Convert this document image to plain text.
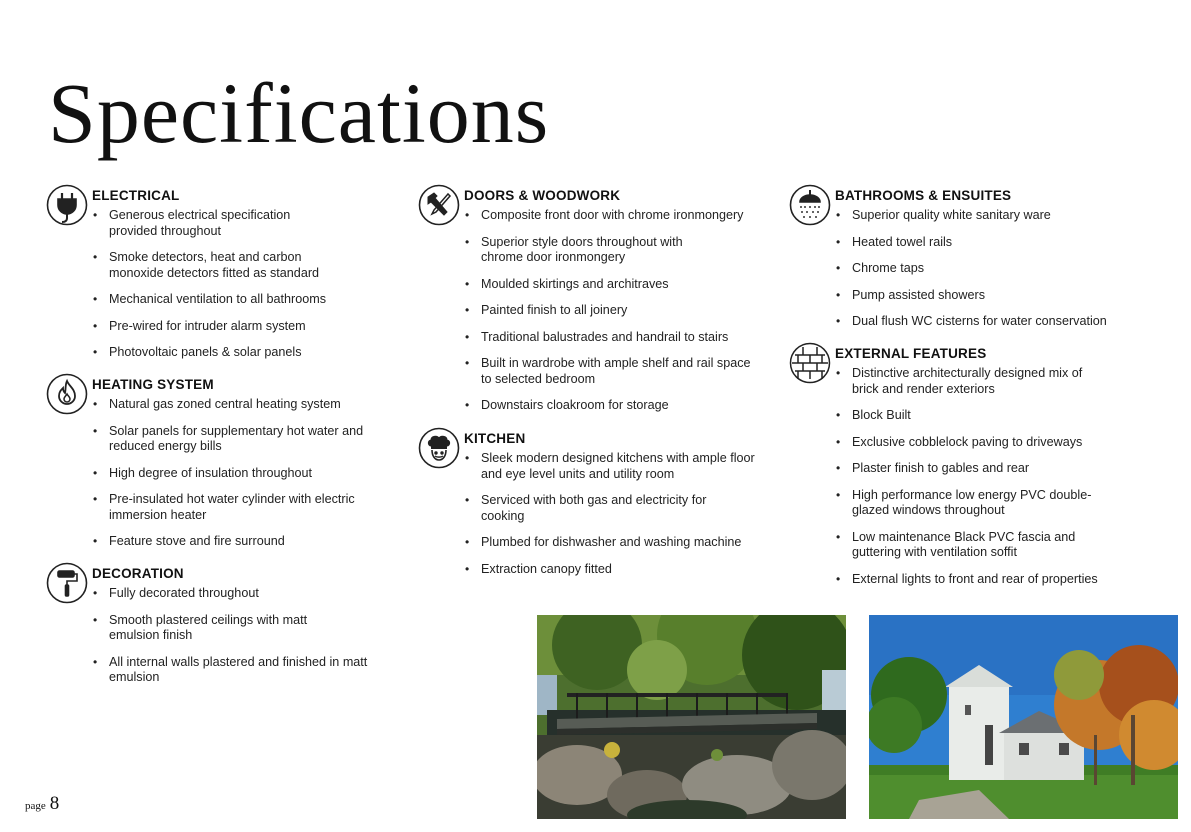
Specifications
ELECTRICAL
• Generous electrical specification provided throughout
• Smoke detectors, heat and carbon monoxide detectors fitted as standard
• Mechanical ventilation to all bathrooms
• Pre-wired for intruder alarm system
• Photovoltaic panels & solar panels
HEATING SYSTEM
• Natural gas zoned central heating system
• Solar panels for supplementary hot water and reduced energy bills
• High degree of insulation throughout
• Pre-insulated hot water cylinder with electric immersion heater
• Feature stove and fire surround
DECORATION
• Fully decorated throughout
• Smooth plastered ceilings with matt emulsion finish
• All internal walls plastered and finished in matt emulsion
DOORS & WOODWORK
• Composite front door with chrome ironmongery
• Superior style doors throughout with chrome door ironmongery
• Moulded skirtings and architraves
• Painted finish to all joinery
• Traditional balustrades and handrail to stairs
• Built in wardrobe with ample shelf and rail space to selected bedroom
• Downstairs cloakroom for storage
KITCHEN
• Sleek modern designed kitchens with ample floor and eye level units and utility room
• Serviced with both gas and electricity for cooking
• Plumbed for dishwasher and washing machine
• Extraction canopy fitted
BATHROOMS & ENSUITES
• Superior quality white sanitary ware
• Heated towel rails
• Chrome taps
• Pump assisted showers
• Dual flush WC cisterns for water conservation
EXTERNAL FEATURES
• Distinctive architecturally designed mix of brick and render exteriors
• Block Built
• Exclusive cobblelock paving to driveways
• Plaster finish to gables and rear
• High performance low energy PVC double-glazed windows throughout
• Low maintenance Black PVC fascia and guttering with ventilation soffit
• External lights to front and rear of properties
page 8
